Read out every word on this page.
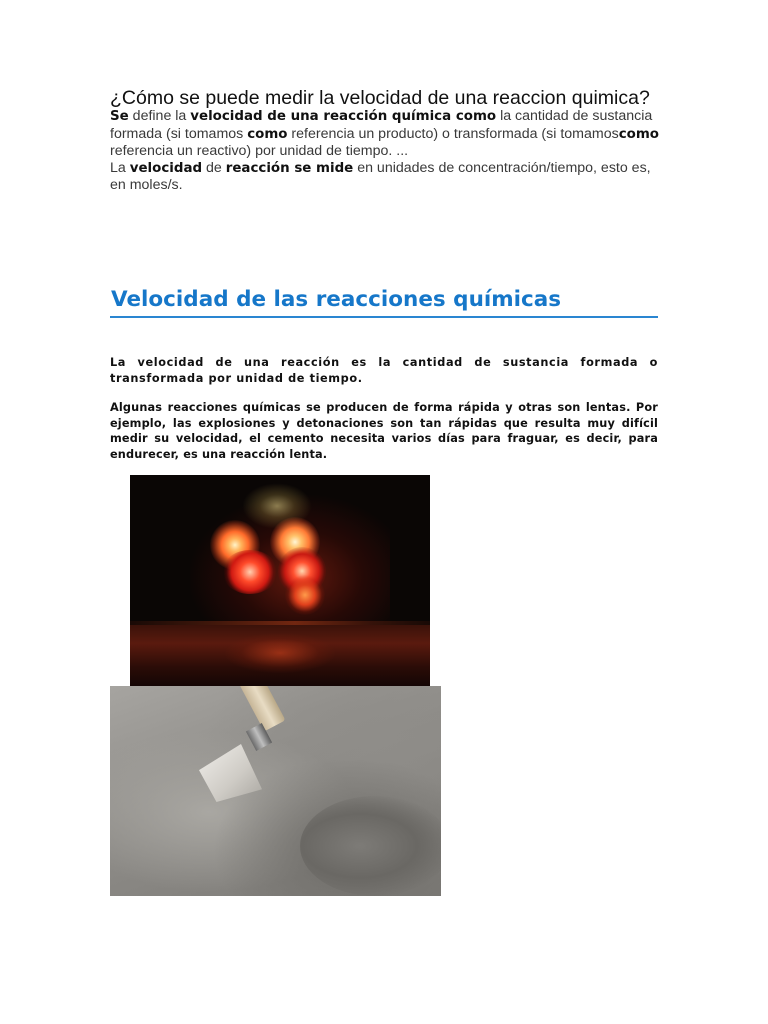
¿Cómo se puede medir la velocidad de una reaccion quimica?
Se define la velocidad de una reacción química como la cantidad de sustancia formada (si tomamos como referencia un producto) o transformada (si tomamoscomo referencia un reactivo) por unidad de tiempo. ...
La velocidad de reacción se mide en unidades de concentración/tiempo, esto es, en moles/s.
Velocidad de las reacciones químicas
La velocidad de una reacción es la cantidad de sustancia formada o transformada por unidad de tiempo.
Algunas reacciones químicas se producen de forma rápida y otras son lentas. Por ejemplo, las explosiones y detonaciones son tan rápidas que resulta muy difícil medir su velocidad, el cemento necesita varios días para fraguar, es decir, para endurecer, es una reacción lenta.
